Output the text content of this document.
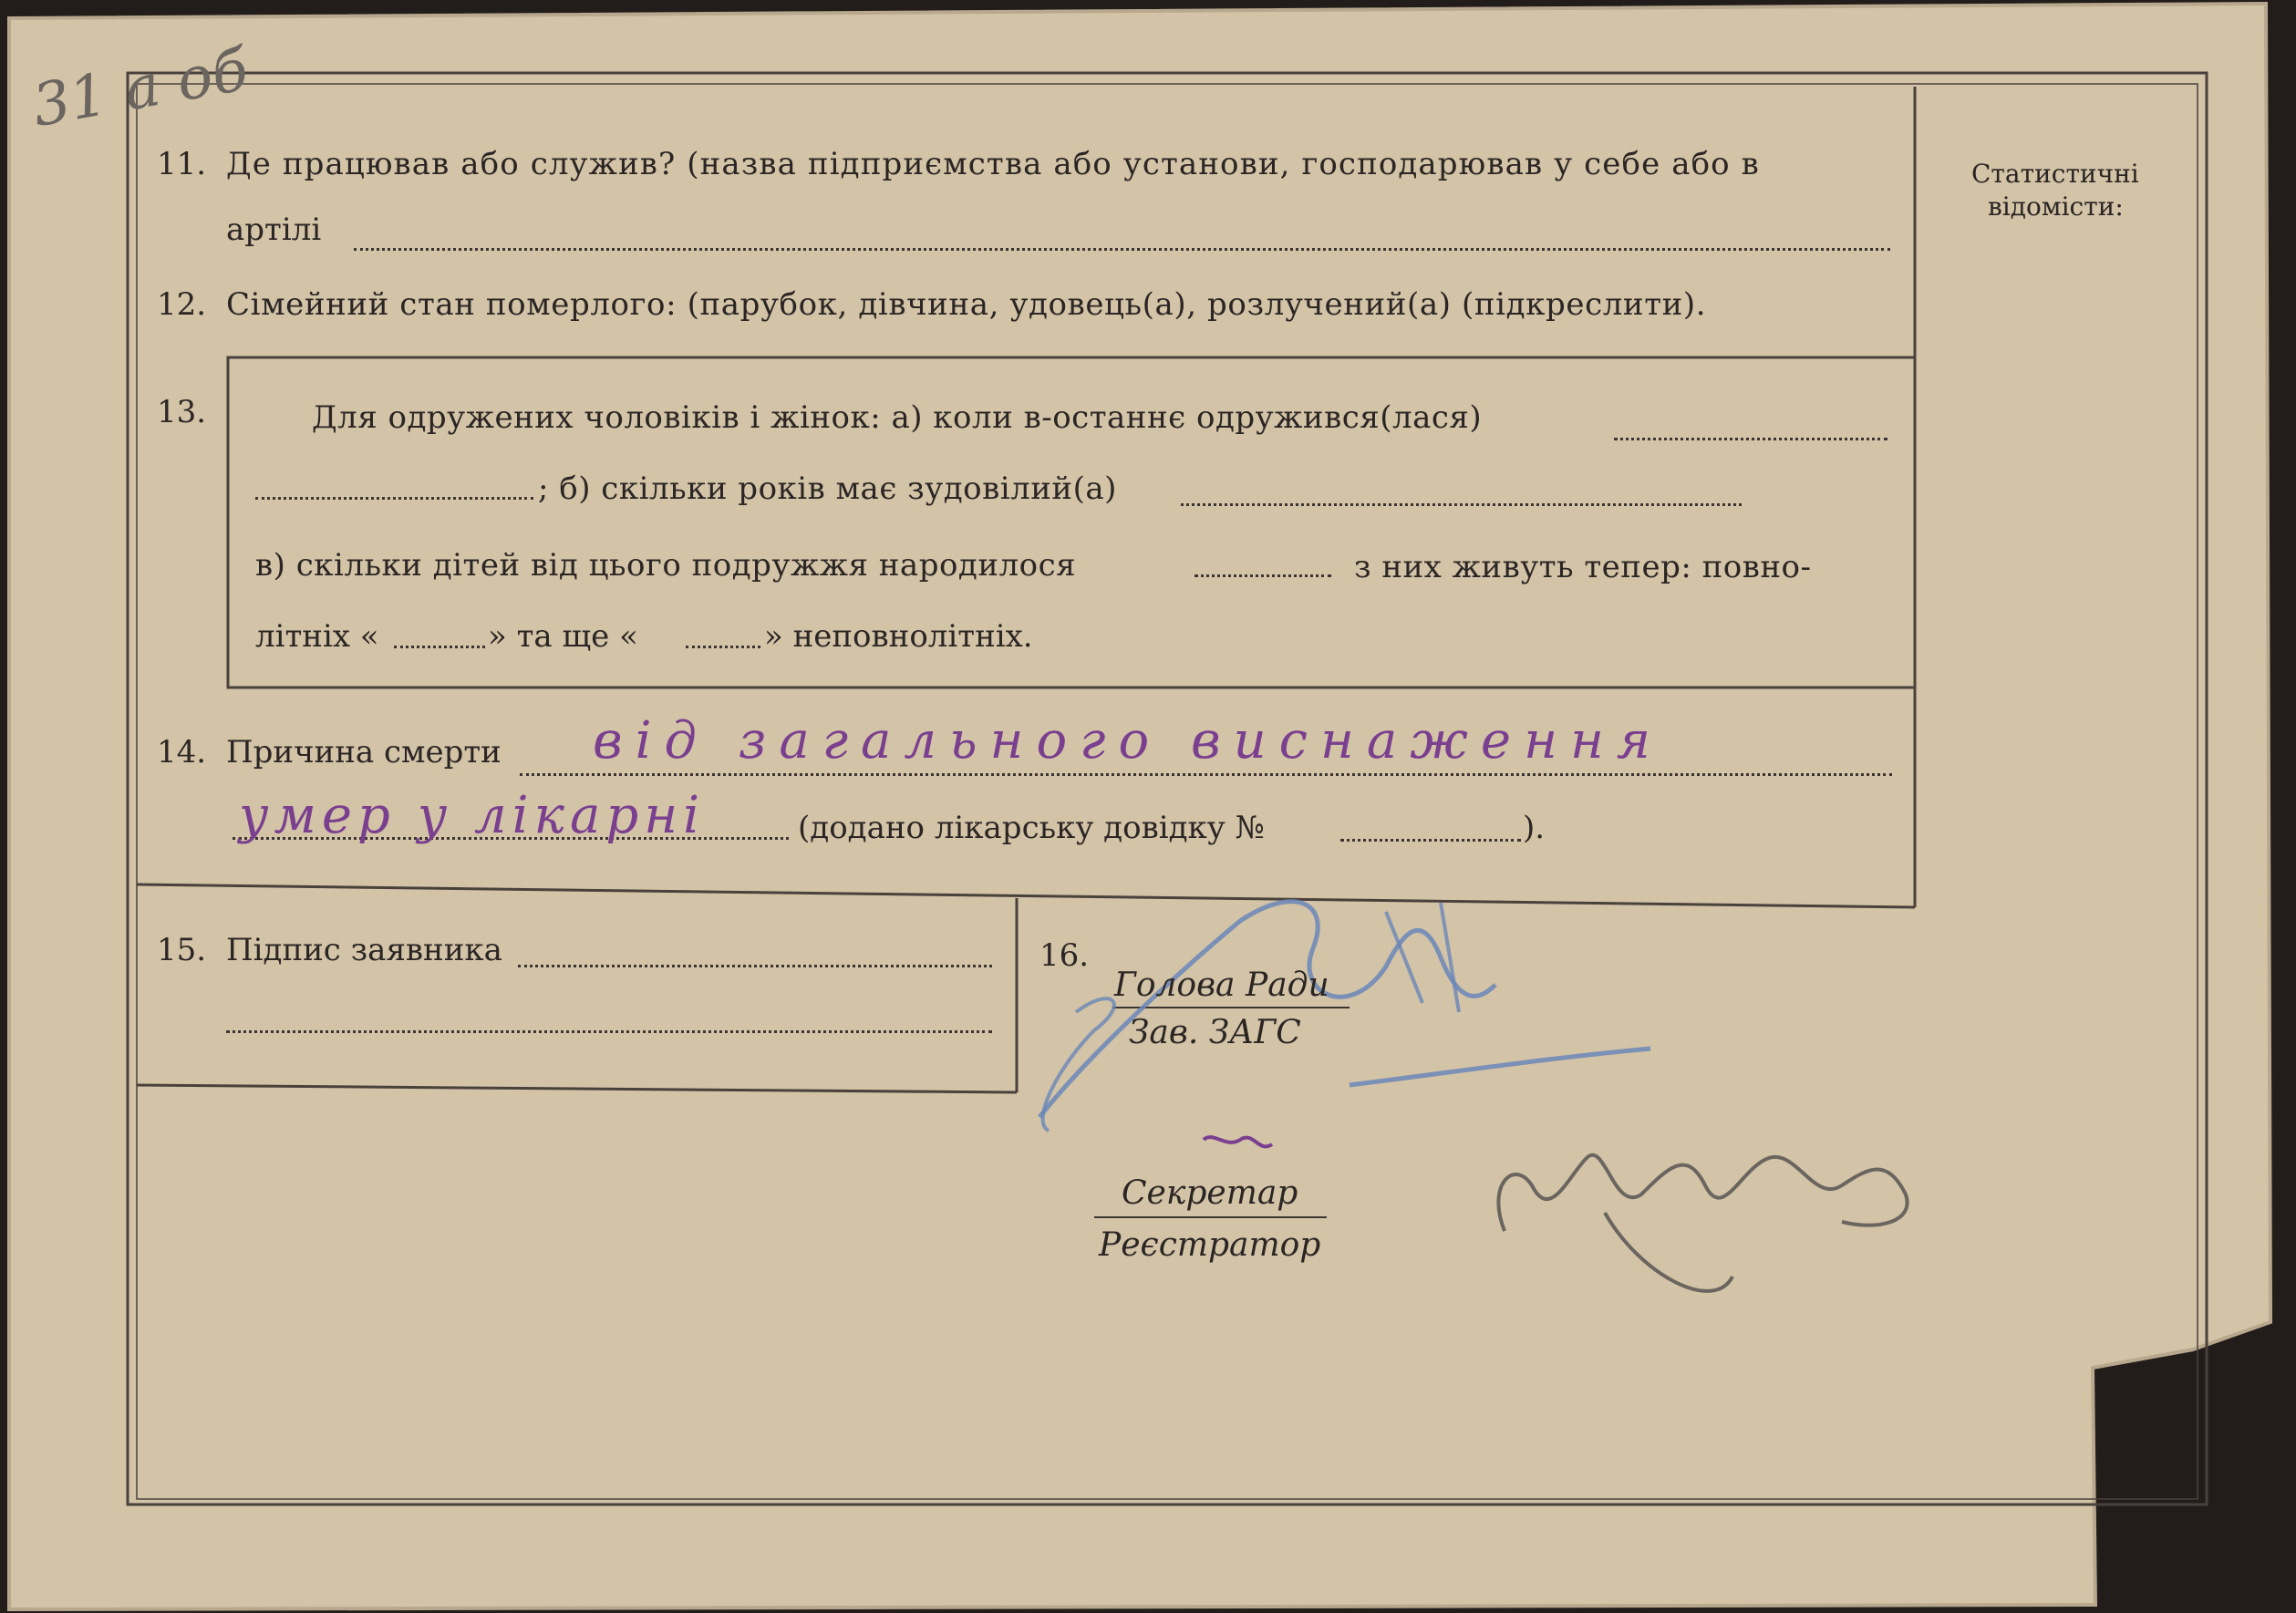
31 а об
Статистичні
відомісти:
11. Де працював або служив? (назва підприємства або установи, господарював у себе або в
артілі
12. Сімейний стан померлого: (парубок, дівчина, удовець(а), розлучений(а) (підкреслити).
13.	Для одружених чоловіків і жінок: а) коли в-останнє одружився(лася)
; б) скільки років має зудовілий(а)
в) скільки дітей від цього подружжя народилося	з них живуть тепер: повно-
літніх «	» та ще «	» неповнолітніх.
14. Причина смерти від загального виснаження
умер у лікарні	(додано лікарську довідку №	).
15. Підпис заявника	16.
Голова Ради
Зав. ЗАГС
Секретар
Реєстратор
